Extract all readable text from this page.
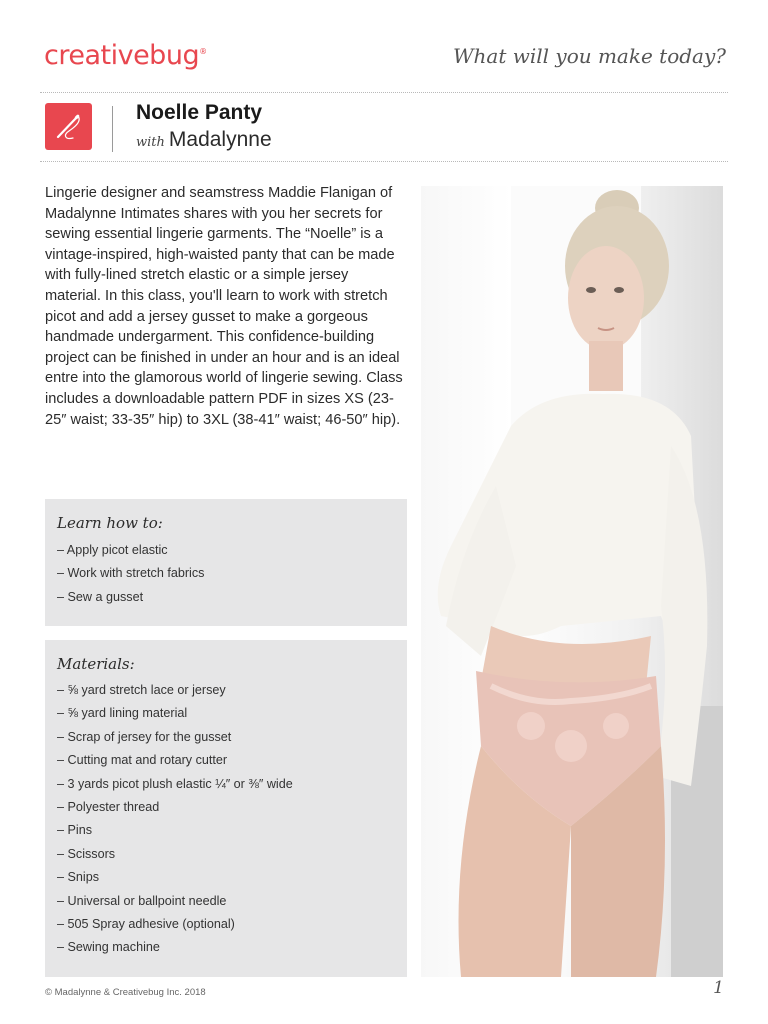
creativebug®	What will you make today?
Noelle Panty
with Madalynne

Lingerie designer and seamstress Maddie Flanigan of Madalynne Intimates shares with you her secrets for sewing essential lingerie garments. The “Noelle” is a vintage-inspired, high-waisted panty that can be made with fully-lined stretch elastic or a simple jersey material. In this class, you'll learn to work with stretch picot and add a jersey gusset to make a gorgeous handmade undergarment. This confidence-building project can be finished in under an hour and is an ideal entre into the glamorous world of lingerie sewing. Class includes a downloadable pattern PDF in sizes XS (23-25″ waist; 33-35″ hip) to 3XL (38-41″ waist; 46-50″ hip).

Learn how to:
– Apply picot elastic
– Work with stretch fabrics
– Sew a gusset
Materials:
– ⅝ yard stretch lace or jersey
– ⅝ yard lining material
– Scrap of jersey for the gusset
– Cutting mat and rotary cutter
– 3 yards picot plush elastic ¼″ or ⅜″ wide
– Polyester thread
– Pins
– Scissors
– Snips
– Universal or ballpoint needle
– 505 Spray adhesive (optional)
– Sewing machine
© Madalynne & Creativebug Inc. 2018	1
